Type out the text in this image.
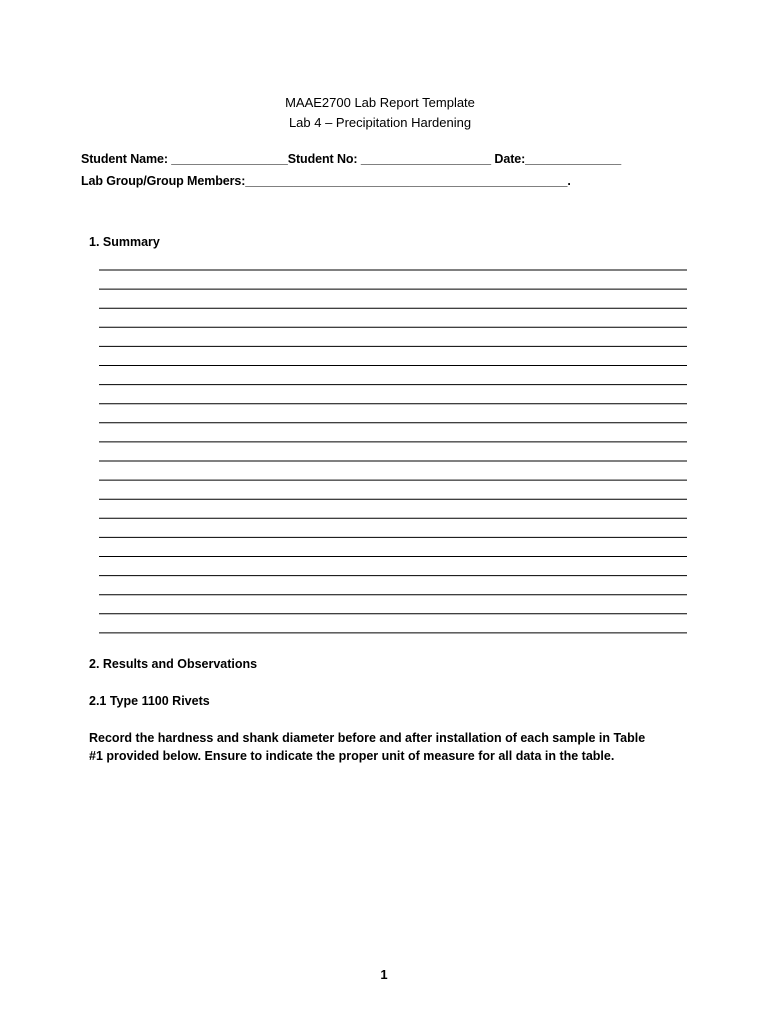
MAAE2700 Lab Report Template
Lab 4 – Precipitation Hardening
Student Name: _________________Student No: ___________________ Date:______________
Lab Group/Group Members:_______________________________________________.
1. Summary
2. Results and Observations
2.1 Type 1100 Rivets
Record the hardness and shank diameter before and after installation of each sample in Table
#1 provided below. Ensure to indicate the proper unit of measure for all data in the table.
1
